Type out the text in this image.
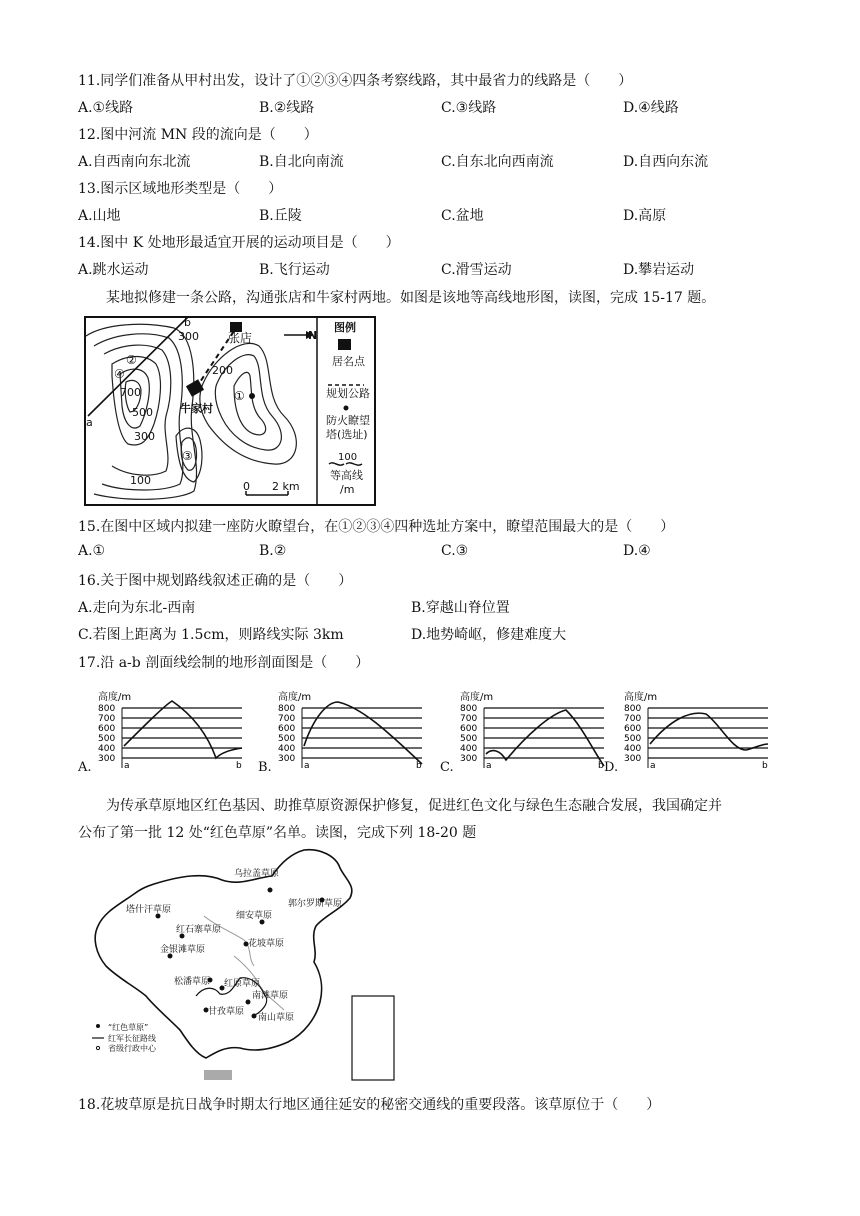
11.同学们准备从甲村出发，设计了①②③④四条考察线路，其中最省力的线路是（　　）
A.①线路	B.②线路	C.③线路	D.④线路
12.图中河流 MN 段的流向是（　　）
A.自西南向东北流	B.自北向南流	C.自东北向西南流	D.自西向东流
13.图示区域地形类型是（　　）
A.山地	B.丘陵	C.盆地	D.高原
14.图中 K 处地形最适宜开展的运动项目是（　　）
A.跳水运动	B.飞行运动	C.滑雪运动	D.攀岩运动
某地拟修建一条公路，沟通张店和牛家村两地。如图是该地等高线地形图，读图，完成 15-17 题。
张店	N
牛家村
300
700
500
300
200
100	0 2 km
a
b
①
②
③
④
图例
居名点
规划公路
防火瞭望
塔(选址)
100
等高线
/m
15.在图中区域内拟建一座防火瞭望台，在①②③④四种选址方案中，瞭望范围最大的是（　　）
A.①	B.②	C.③	D.④
16.关于图中规划路线叙述正确的是（　　）
A.走向为东北-西南	B.穿越山脊位置
C.若图上距离为 1.5cm，则路线实际 3km	D.地势崎岖，修建难度大
17.沿 a-b 剖面线绘制的地形剖面图是（　　）
A.
高度/m
800
700
600
500
400
300
a	b B.
高度/m
800
700
600
500
400
300
a	b C.
高度/m
800
700
600
500
400
300
a	b D.
高度/m
800
700
600
500
400
300
a	b
为传承草原地区红色基因、助推草原资源保护修复，促进红色文化与绿色生态融合发展，我国确定并
公布了第一批 12 处“红色草原”名单。读图，完成下列 18-20 题
乌拉盖草原
郭尔罗斯草原
塔什汗草原
细安草原
红石寨草原
金银滩草原
花坡草原
松潘草原 红原草原
南滩草原
甘孜草原
南山草原
“红色草原”
红军长征路线
省级行政中心
18.花坡草原是抗日战争时期太行地区通往延安的秘密交通线的重要段落。该草原位于（　　）
